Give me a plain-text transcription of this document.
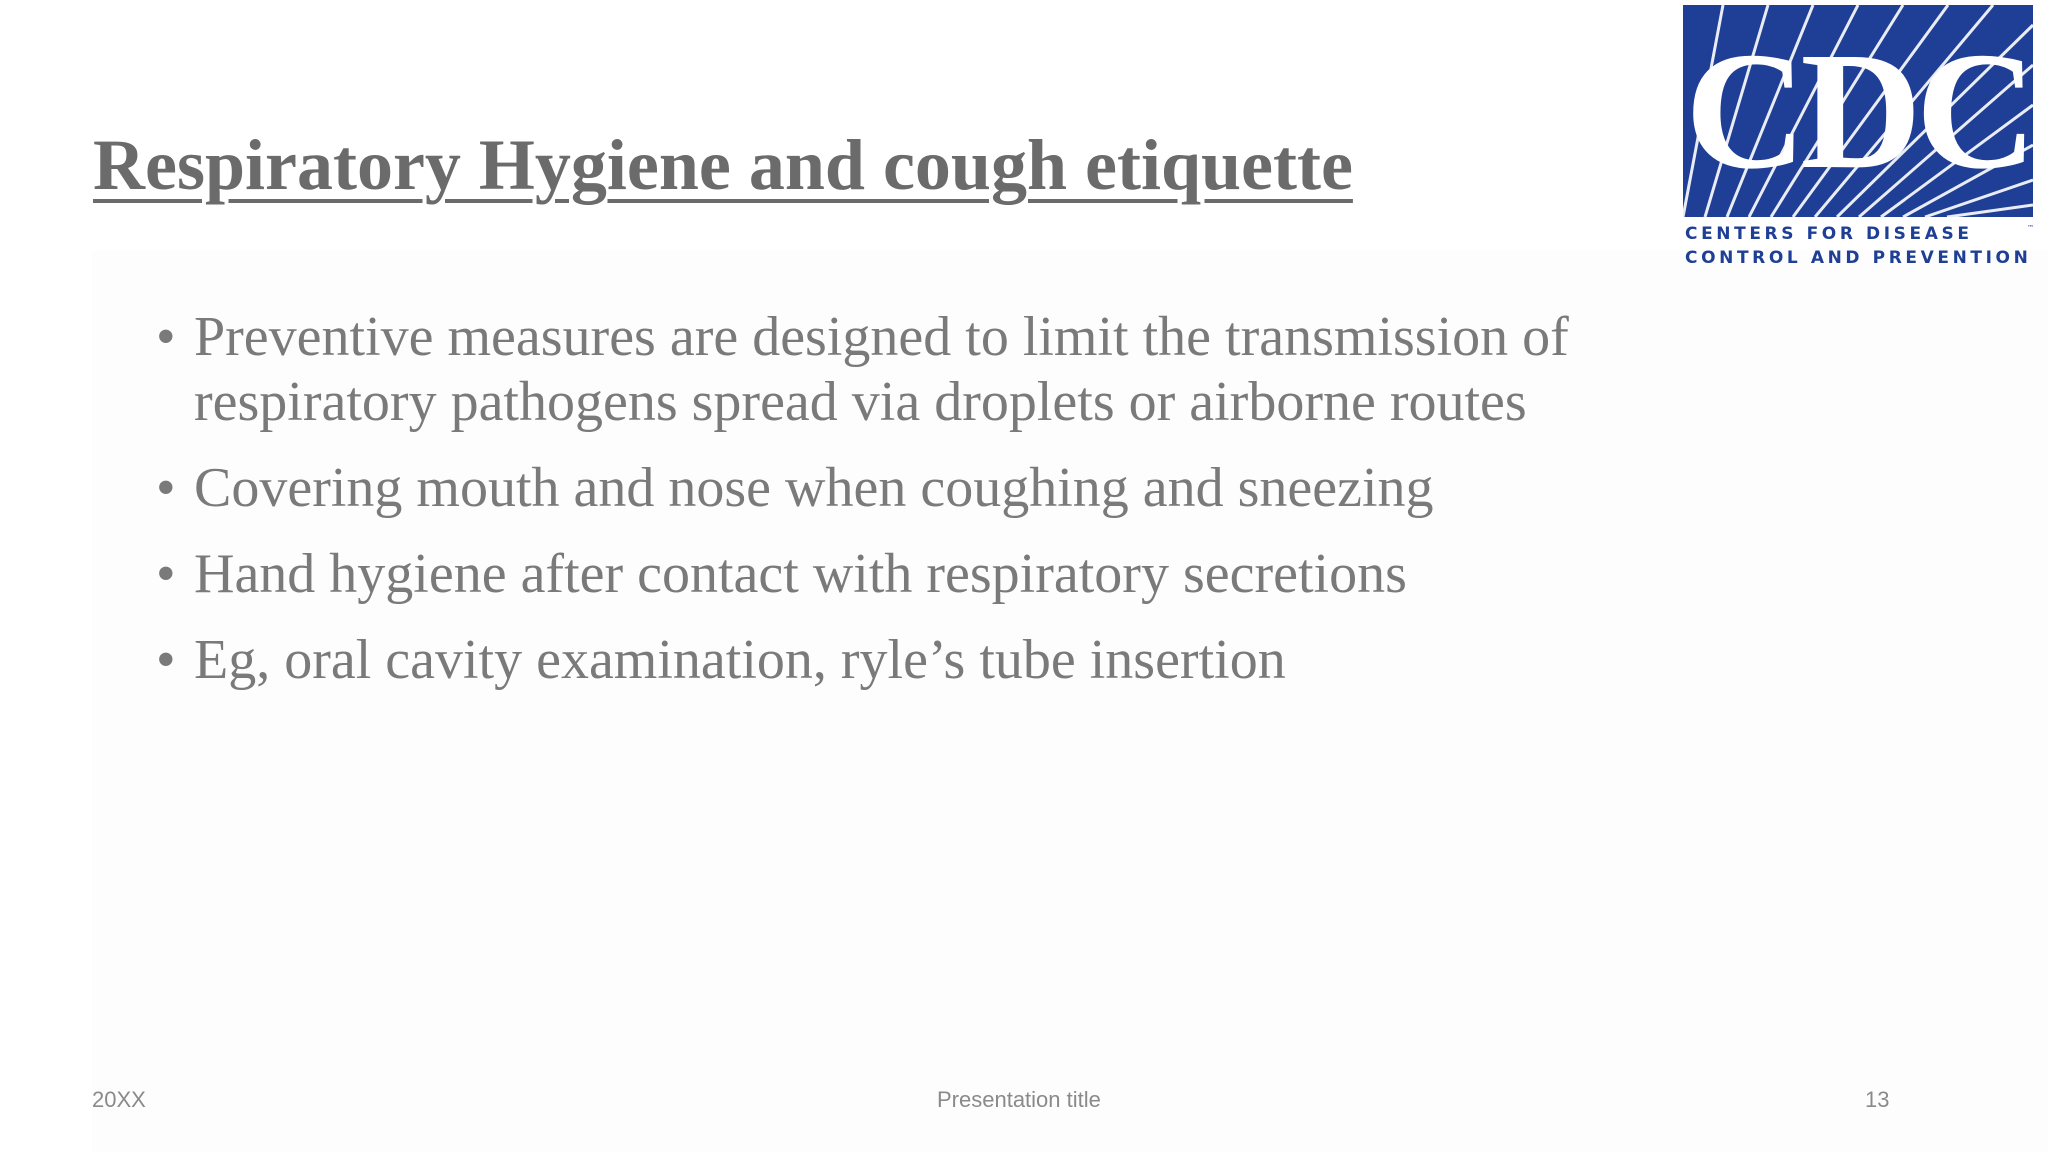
Respiratory Hygiene and cough etiquette
• Preventive measures are designed to limit the transmission of respiratory pathogens spread via droplets or airborne routes
• Covering mouth and nose when coughing and sneezing
• Hand hygiene after contact with respiratory secretions
• Eg, oral cavity examination, ryle’s tube insertion
CDC
CENTERS FOR DISEASE
CONTROL AND PREVENTION
™
20XX	Presentation title	13
